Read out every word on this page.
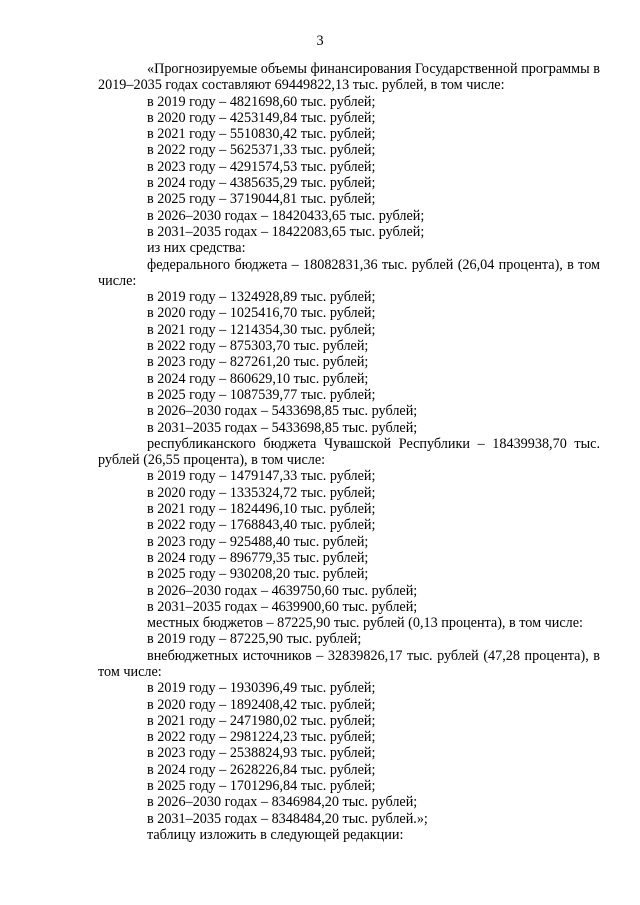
3
«Прогнозируемые объемы финансирования Государственной программы в
2019–2035 годах составляют 69449822,13 тыс. рублей, в том числе:
в 2019 году – 4821698,60 тыс. рублей;
в 2020 году – 4253149,84 тыс. рублей;
в 2021 году – 5510830,42 тыс. рублей;
в 2022 году – 5625371,33 тыс. рублей;
в 2023 году – 4291574,53 тыс. рублей;
в 2024 году – 4385635,29 тыс. рублей;
в 2025 году – 3719044,81 тыс. рублей;
в 2026–2030 годах – 18420433,65 тыс. рублей;
в 2031–2035 годах – 18422083,65 тыс. рублей;
из них средства:
федерального бюджета – 18082831,36 тыс. рублей (26,04 процента), в том
числе:
в 2019 году – 1324928,89 тыс. рублей;
в 2020 году – 1025416,70 тыс. рублей;
в 2021 году – 1214354,30 тыс. рублей;
в 2022 году – 875303,70 тыс. рублей;
в 2023 году – 827261,20 тыс. рублей;
в 2024 году – 860629,10 тыс. рублей;
в 2025 году – 1087539,77 тыс. рублей;
в 2026–2030 годах – 5433698,85 тыс. рублей;
в 2031–2035 годах – 5433698,85 тыс. рублей;
республиканского бюджета Чувашской Республики – 18439938,70 тыс.
рублей (26,55 процента), в том числе:
в 2019 году – 1479147,33 тыс. рублей;
в 2020 году – 1335324,72 тыс. рублей;
в 2021 году – 1824496,10 тыс. рублей;
в 2022 году – 1768843,40 тыс. рублей;
в 2023 году – 925488,40 тыс. рублей;
в 2024 году – 896779,35 тыс. рублей;
в 2025 году – 930208,20 тыс. рублей;
в 2026–2030 годах – 4639750,60 тыс. рублей;
в 2031–2035 годах – 4639900,60 тыс. рублей;
местных бюджетов – 87225,90 тыс. рублей (0,13 процента), в том числе:
в 2019 году – 87225,90 тыс. рублей;
внебюджетных источников – 32839826,17 тыс. рублей (47,28 процента), в
том числе:
в 2019 году – 1930396,49 тыс. рублей;
в 2020 году – 1892408,42 тыс. рублей;
в 2021 году – 2471980,02 тыс. рублей;
в 2022 году – 2981224,23 тыс. рублей;
в 2023 году – 2538824,93 тыс. рублей;
в 2024 году – 2628226,84 тыс. рублей;
в 2025 году – 1701296,84 тыс. рублей;
в 2026–2030 годах – 8346984,20 тыс. рублей;
в 2031–2035 годах – 8348484,20 тыс. рублей.»;
таблицу изложить в следующей редакции:
